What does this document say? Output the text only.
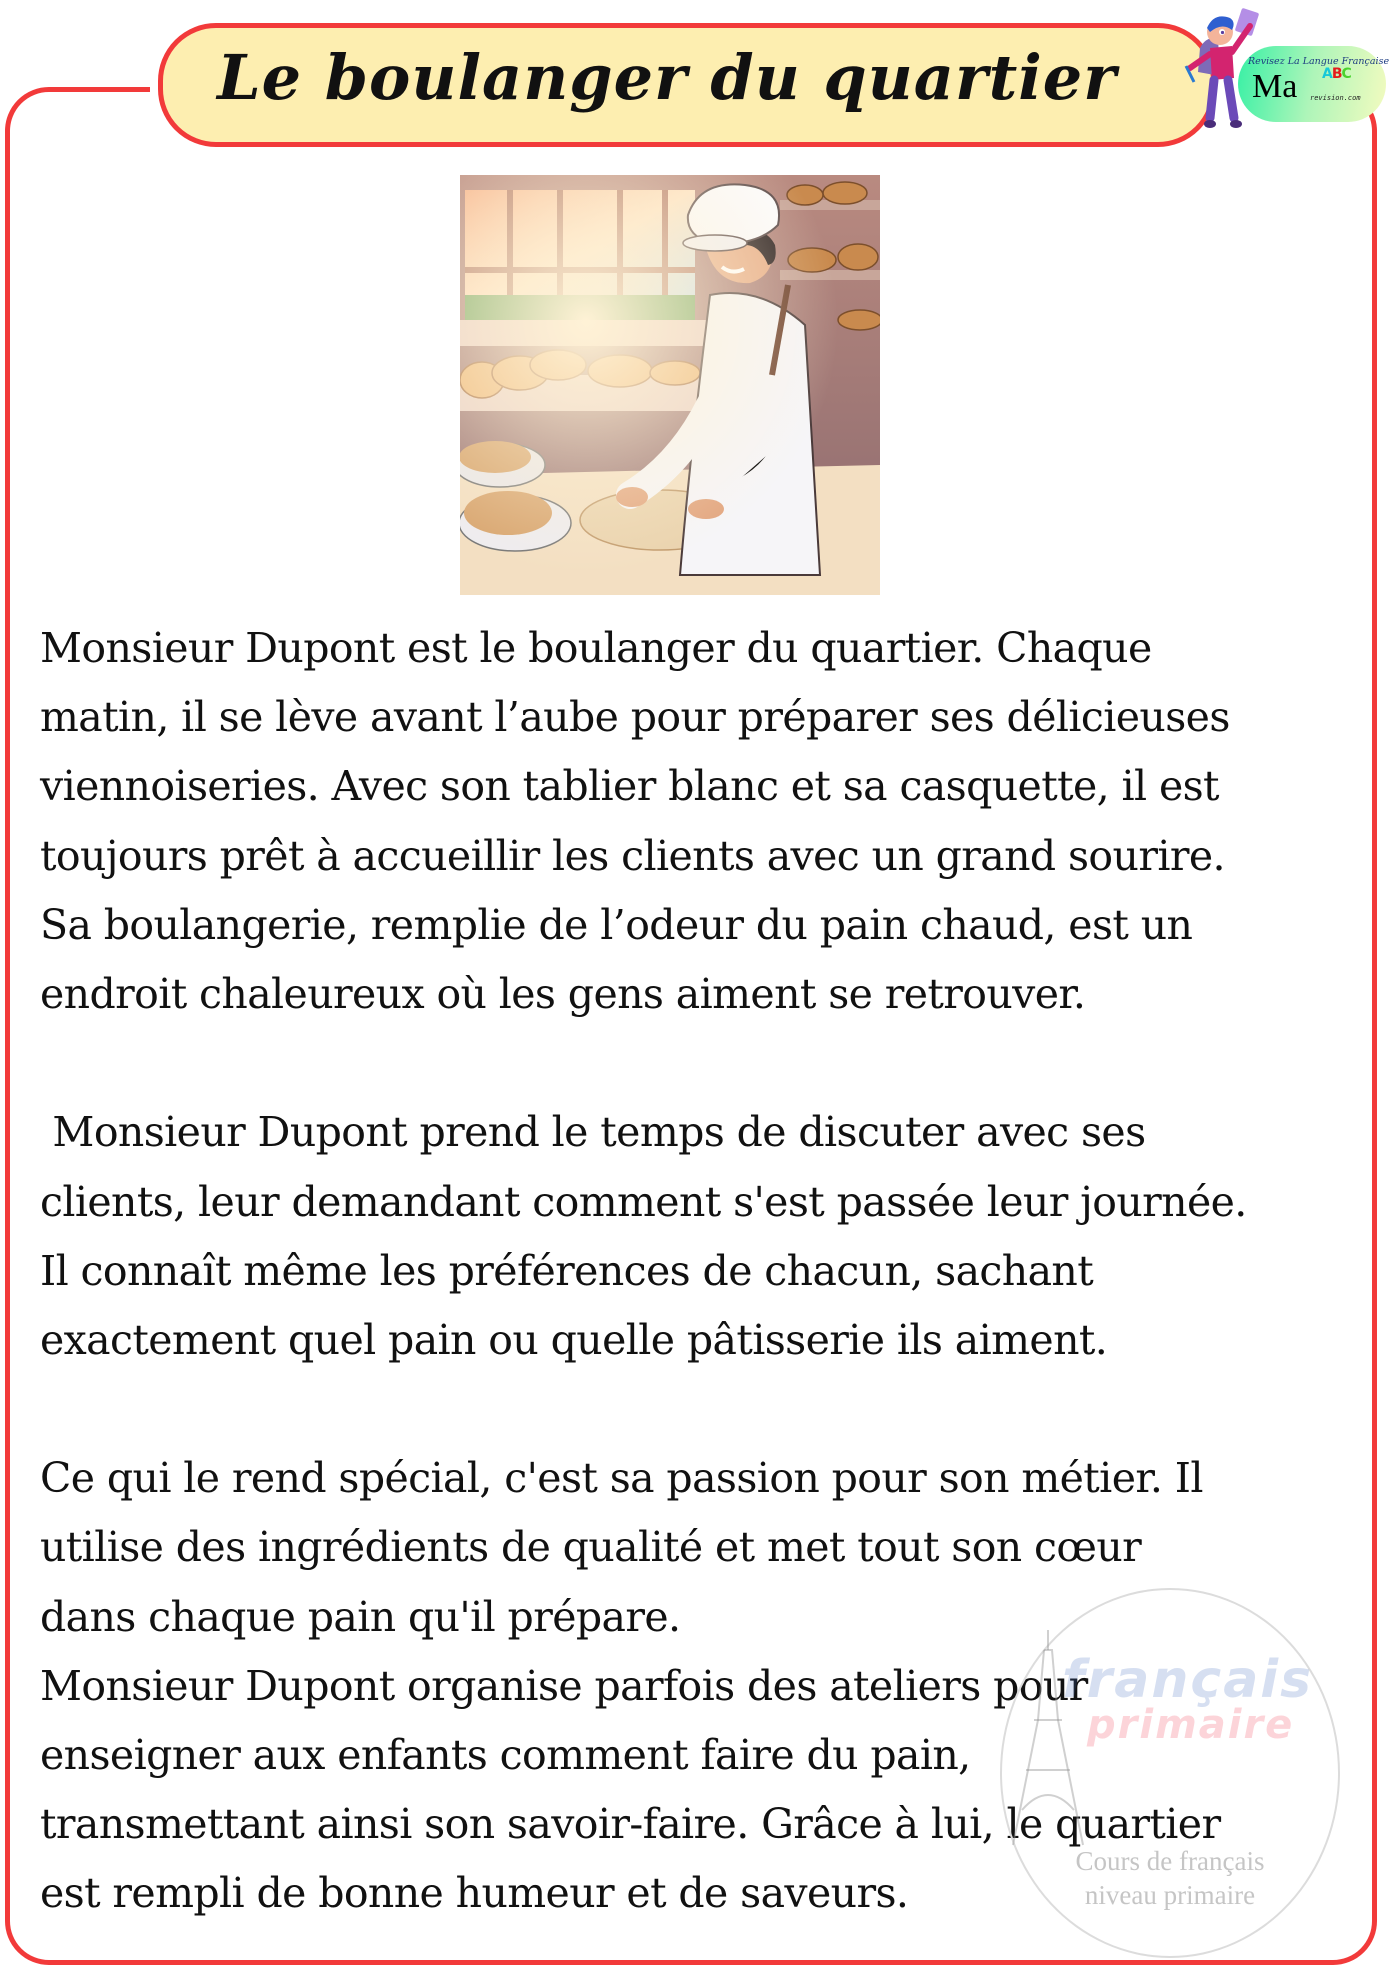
Le boulanger du quartier	Revisez La Langue Française
Ma ABC
revision.com
Monsieur Dupont est le boulanger du quartier. Chaque
matin, il se lève avant l’aube pour préparer ses délicieuses
viennoiseries. Avec son tablier blanc et sa casquette, il est
toujours prêt à accueillir les clients avec un grand sourire.
Sa boulangerie, remplie de l’odeur du pain chaud, est un
endroit chaleureux où les gens aiment se retrouver.
Monsieur Dupont prend le temps de discuter avec ses
clients, leur demandant comment s'est passée leur journée.
Il connaît même les préférences de chacun, sachant
exactement quel pain ou quelle pâtisserie ils aiment.
Ce qui le rend spécial, c'est sa passion pour son métier. Il
utilise des ingrédients de qualité et met tout son cœur
dans chaque pain qu'il prépare.
Monsieur Dupont organise parfois des ateliers pour
enseigner aux enfants comment faire du pain,
transmettant ainsi son savoir-faire. Grâce à lui, le quartier
est rempli de bonne humeur et de saveurs.
français
primaire
Cours de français
niveau primaire
